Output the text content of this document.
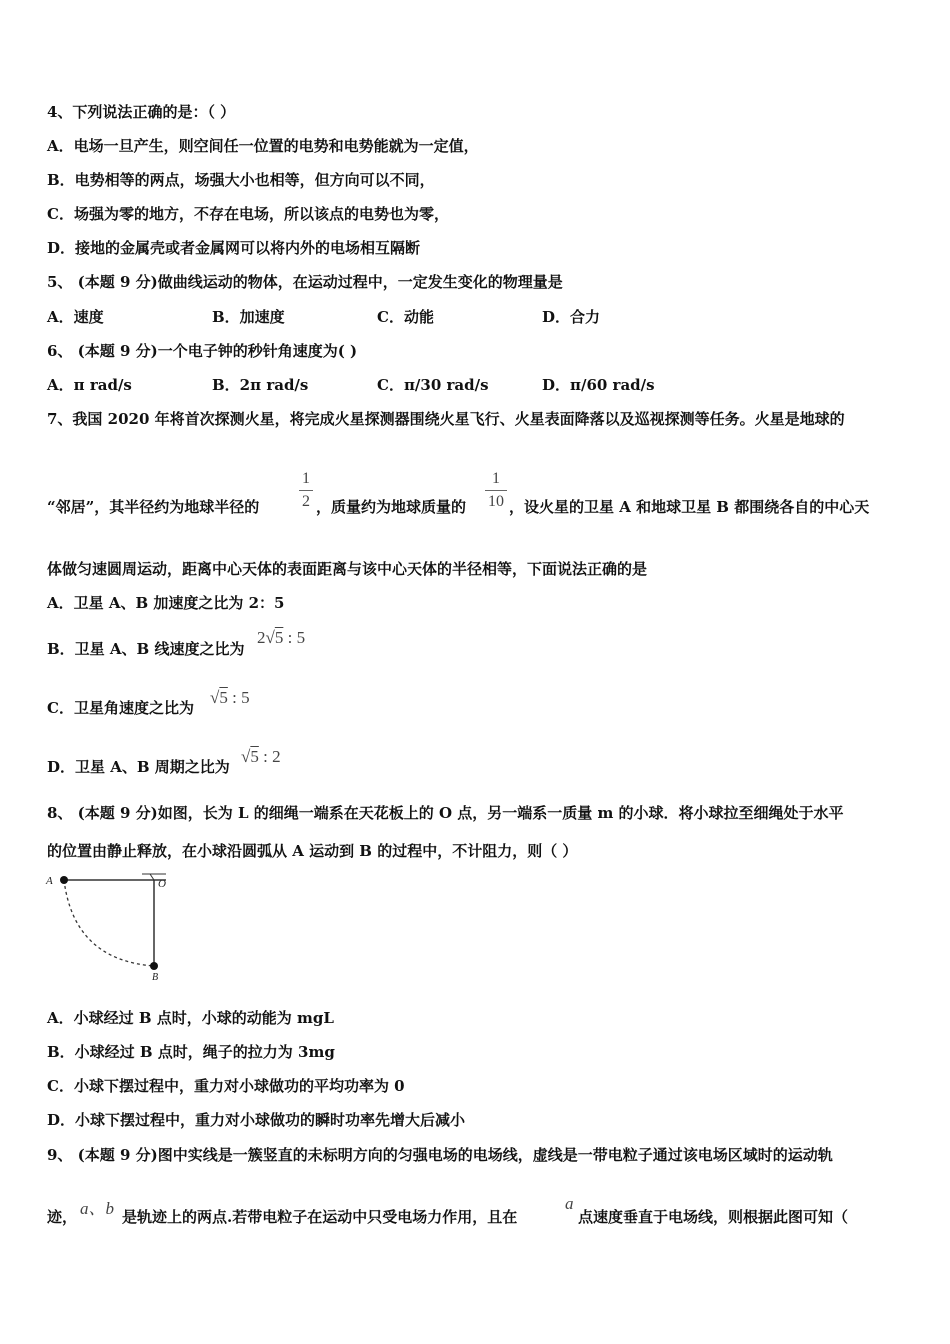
4、下列说法正确的是：（ ）
A．电场一旦产生，则空间任一位置的电势和电势能就为一定值，
B．电势相等的两点，场强大小也相等，但方向可以不同，
C．场强为零的地方，不存在电场，所以该点的电势也为零，
D．接地的金属壳或者金属网可以将内外的电场相互隔断
5、 (本题 9 分)做曲线运动的物体，在运动过程中，一定发生变化的物理量是
A．速度	B．加速度	C．动能	D．合力
6、 (本题 9 分)一个电子钟的秒针角速度为( )
A．π rad/s	B．2π rad/s	C．π/30 rad/s	D．π/60 rad/s
7、我国 2020 年将首次探测火星，将完成火星探测器围绕火星飞行、火星表面降落以及巡视探测等任务。火星是地球的
“邻居”，其半径约为地球半径的
1
2 ，质量约为地球质量的
1
10 ，设火星的卫星 A 和地球卫星 B 都围绕各自的中心天
体做匀速圆周运动，距离中心天体的表面距离与该中心天体的半径相等，下面说法正确的是
A．卫星 A、B 加速度之比为 2：5
B．卫星 A、B 线速度之比为
2√5 : 5
C．卫星角速度之比为
√5 : 5
D．卫星 A、B 周期之比为
√5 : 2
8、 (本题 9 分)如图，长为 L 的细绳一端系在天花板上的 O 点，另一端系一质量 m 的小球．将小球拉至细绳处于水平
的位置由静止释放，在小球沿圆弧从 A 运动到 B 的过程中，不计阻力，则（ ）
A	O
B
A．小球经过 B 点时，小球的动能为 mgL
B．小球经过 B 点时，绳子的拉力为 3mg
C．小球下摆过程中，重力对小球做功的平均功率为 0
D．小球下摆过程中，重力对小球做功的瞬时功率先增大后减小
9、 (本题 9 分)图中实线是一簇竖直的未标明方向的匀强电场的电场线，虚线是一带电粒子通过该电场区域时的运动轨
迹， a、b 是轨迹上的两点.若带电粒子在运动中只受电场力作用，且在
a
点速度垂直于电场线，则根据此图可知（
